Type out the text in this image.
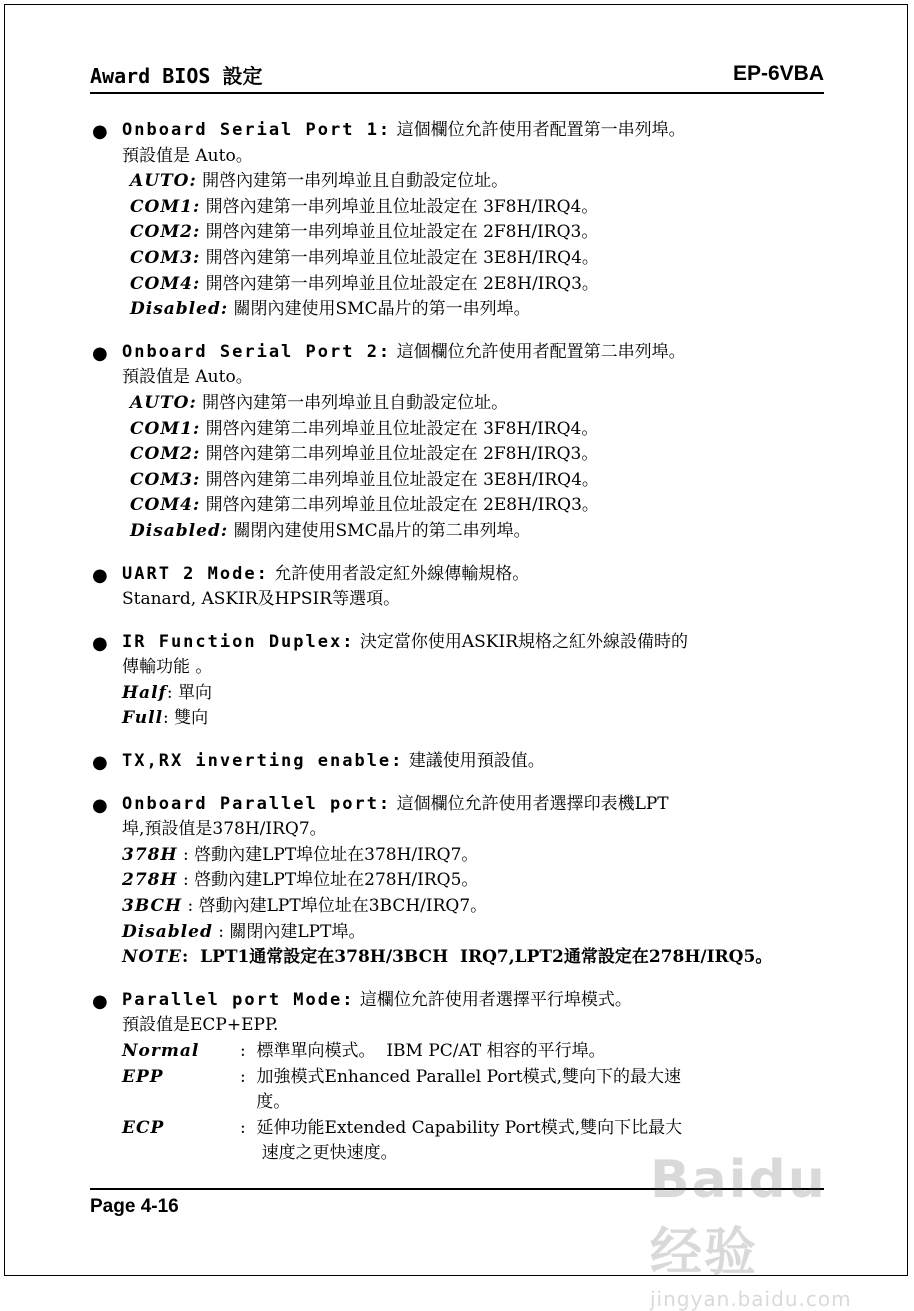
Award BIOS 設定	EP-6VBA
● Onboard Serial Port 1: 這個欄位允許使用者配置第一串列埠。
預設值是 Auto。
AUTO: 開啓內建第一串列埠並且自動設定位址。
COM1: 開啓內建第一串列埠並且位址設定在 3F8H/IRQ4。
COM2: 開啓內建第一串列埠並且位址設定在 2F8H/IRQ3。
COM3: 開啓內建第一串列埠並且位址設定在 3E8H/IRQ4。
COM4: 開啓內建第一串列埠並且位址設定在 2E8H/IRQ3。
Disabled: 關閉內建使用SMC晶片的第一串列埠。
● Onboard Serial Port 2: 這個欄位允許使用者配置第二串列埠。
預設值是 Auto。
AUTO: 開啓內建第一串列埠並且自動設定位址。
COM1: 開啓內建第二串列埠並且位址設定在 3F8H/IRQ4。
COM2: 開啓內建第二串列埠並且位址設定在 2F8H/IRQ3。
COM3: 開啓內建第二串列埠並且位址設定在 3E8H/IRQ4。
COM4: 開啓內建第二串列埠並且位址設定在 2E8H/IRQ3。
Disabled: 關閉內建使用SMC晶片的第二串列埠。
● UART 2 Mode: 允許使用者設定紅外線傳輸規格。
Stanard, ASKIR及HPSIR等選項。
● IR Function Duplex: 決定當你使用ASKIR規格之紅外線設備時的
傳輸功能 。
Half: 單向
Full: 雙向
● TX,RX inverting enable: 建議使用預設值。
● Onboard Parallel port: 這個欄位允許使用者選擇印表機LPT
埠,預設值是378H/IRQ7。
378H : 啓動內建LPT埠位址在378H/IRQ7。
278H : 啓動內建LPT埠位址在278H/IRQ5。
3BCH : 啓動內建LPT埠位址在3BCH/IRQ7。
Disabled : 關閉內建LPT埠。
NOTE:  LPT1通常設定在378H/3BCH  IRQ7,LPT2通常設定在278H/IRQ5。
● Parallel port Mode: 這欄位允許使用者選擇平行埠模式。
預設值是ECP+EPP.
Normal	:  標準單向模式。  IBM PC/AT 相容的平行埠。
EPP	:  加強模式Enhanced Parallel Port模式,雙向下的最大速
度。
ECP	:  延伸功能Extended Capability Port模式,雙向下比最大
速度之更快速度。
Page 4-16	Baidu 经验
jingyan.baidu.com
